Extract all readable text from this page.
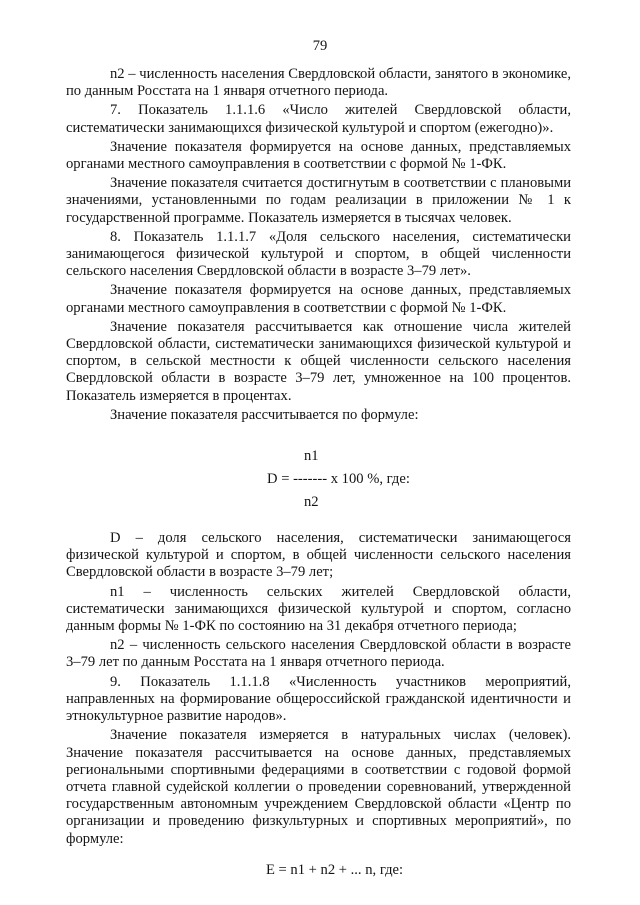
79

n2 – численность населения Свердловской области, занятого в экономике, по данным Росстата на 1 января отчетного периода.

7. Показатель 1.1.1.6 «Число жителей Свердловской области, систематически занимающихся физической культурой и спортом (ежегодно)».

Значение показателя формируется на основе данных, представляемых органами местного самоуправления в соответствии с формой № 1-ФК.

Значение показателя считается достигнутым в соответствии с плановыми значениями, установленными по годам реализации в приложении № 1 к государственной программе. Показатель измеряется в тысячах человек.

8. Показатель 1.1.1.7 «Доля сельского населения, систематически занимающегося физической культурой и спортом, в общей численности сельского населения Свердловской области в возрасте 3–79 лет».

Значение показателя формируется на основе данных, представляемых органами местного самоуправления в соответствии с формой № 1-ФК.

Значение показателя рассчитывается как отношение числа жителей Свердловской области, систематически занимающихся физической культурой и спортом, в сельской местности к общей численности сельского населения Свердловской области в возрасте 3–79 лет, умноженное на 100 процентов. Показатель измеряется в процентах.

Значение показателя рассчитывается по формуле:

n1
D = ------- x 100 %, где:
n2

D – доля сельского населения, систематически занимающегося физической культурой и спортом, в общей численности сельского населения Свердловской области в возрасте 3–79 лет;

n1 – численность сельских жителей Свердловской области, систематически занимающихся физической культурой и спортом, согласно данным формы № 1-ФК по состоянию на 31 декабря отчетного периода;

n2 – численность сельского населения Свердловской области в возрасте 3–79 лет по данным Росстата на 1 января отчетного периода.

9. Показатель 1.1.1.8 «Численность участников мероприятий, направленных на формирование общероссийской гражданской идентичности и этнокультурное развитие народов».

Значение показателя измеряется в натуральных числах (человек). Значение показателя рассчитывается на основе данных, представляемых региональными спортивными федерациями в соответствии с годовой формой отчета главной судейской коллегии о проведении соревнований, утвержденной государственным автономным учреждением Свердловской области «Центр по организации и проведению физкультурных и спортивных мероприятий», по формуле:

E = n1 + n2 + ... n, где:
